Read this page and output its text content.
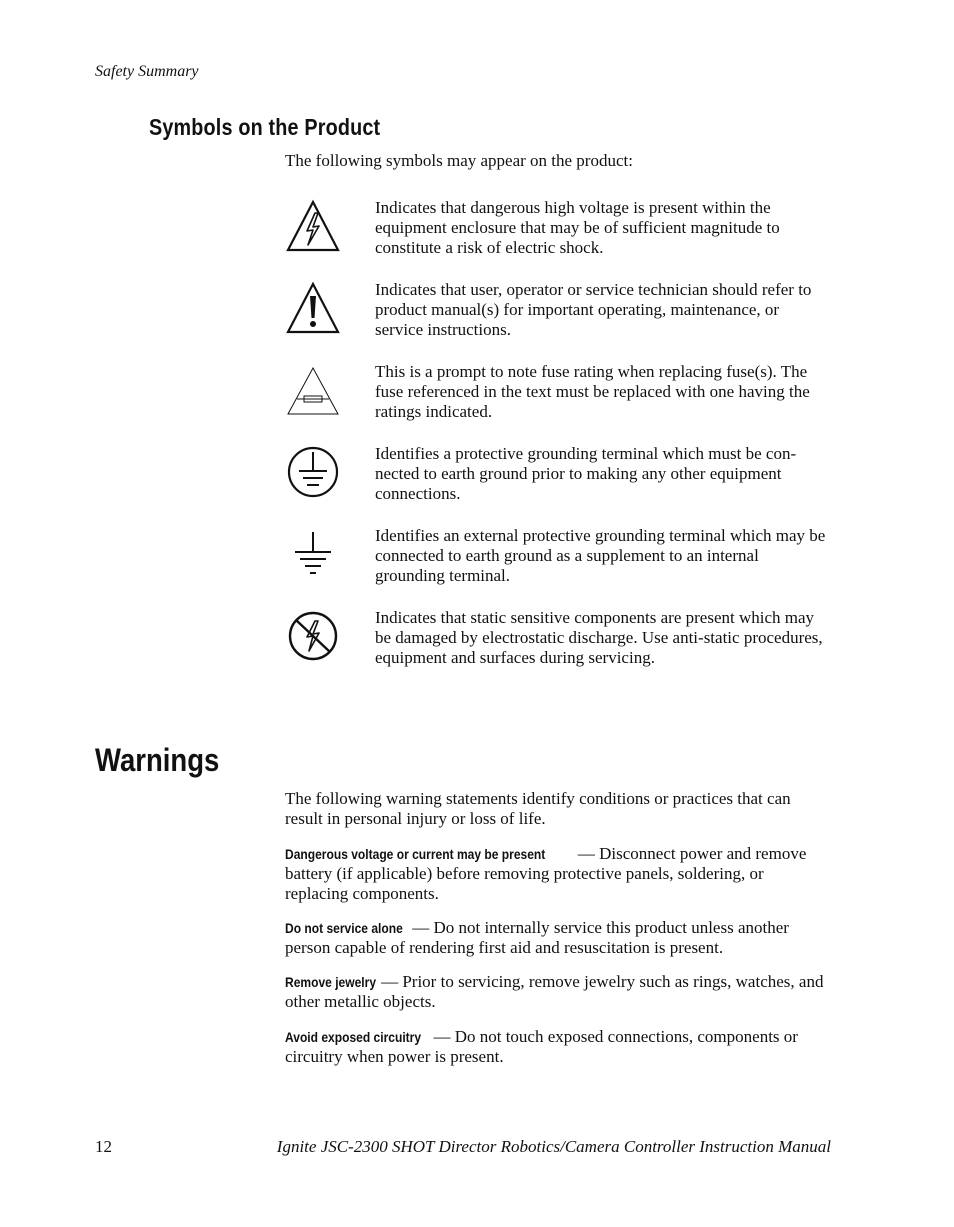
Safety Summary
Symbols on the Product
The following symbols may appear on the product:
Indicates that dangerous high voltage is present within the equipment enclosure that may be of sufficient magnitude to constitute a risk of electric shock.
Indicates that user, operator or service technician should refer to product manual(s) for important operating, maintenance, or service instructions.
This is a prompt to note fuse rating when replacing fuse(s). The fuse referenced in the text must be replaced with one having the ratings indicated.
Identifies a protective grounding terminal which must be con-nected to earth ground prior to making any other equipment connections.
Identifies an external protective grounding terminal which may be connected to earth ground as a supplement to an internal grounding terminal.
Indicates that static sensitive components are present which may be damaged by electrostatic discharge. Use anti-static procedures, equipment and surfaces during servicing.
Warnings
The following warning statements identify conditions or practices that can result in personal injury or loss of life.
Dangerous voltage or current may be present — Disconnect power and remove battery (if applicable) before removing protective panels, soldering, or replacing components.
Do not service alone — Do not internally service this product unless another person capable of rendering first aid and resuscitation is present.
Remove jewelry — Prior to servicing, remove jewelry such as rings, watches, and other metallic objects.
Avoid exposed circuitry — Do not touch exposed connections, components or circuitry when power is present.
12	Ignite JSC-2300 SHOT Director Robotics/Camera Controller Instruction Manual
